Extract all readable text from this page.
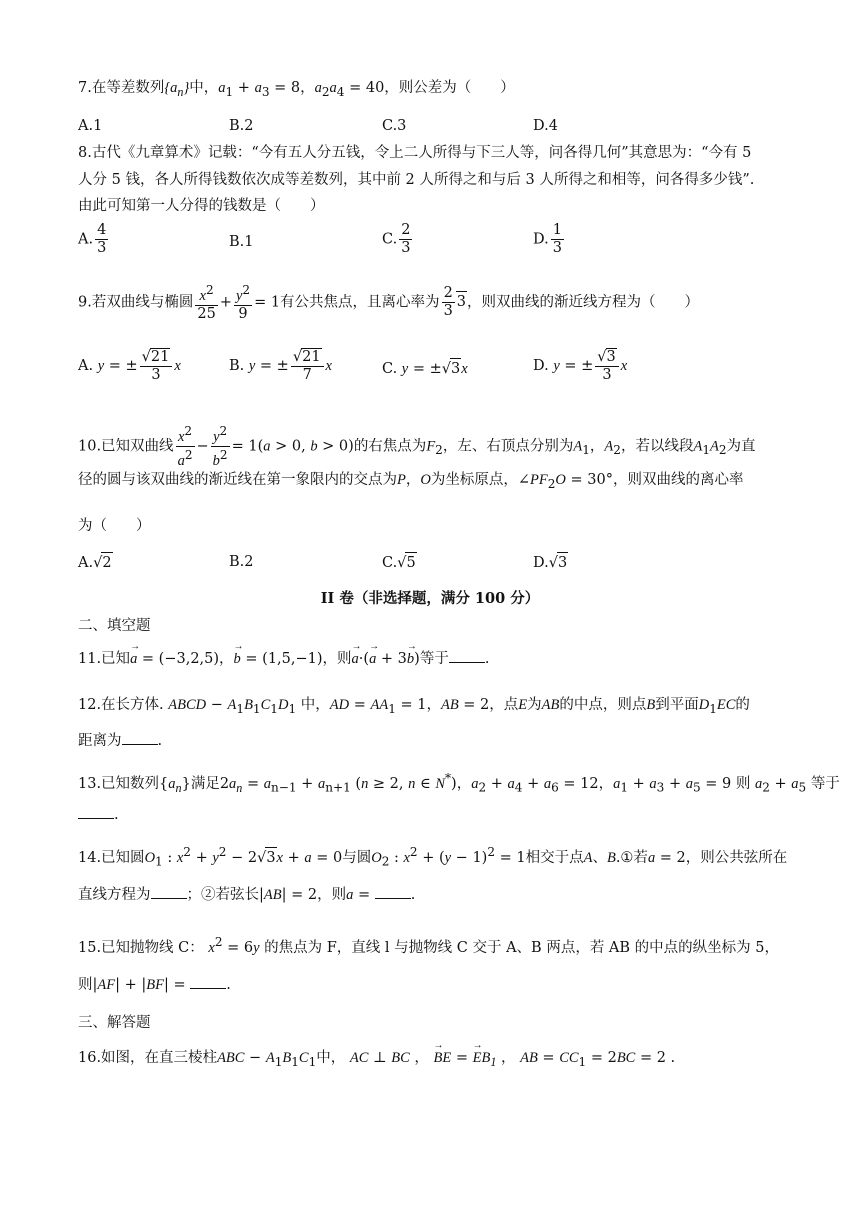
7.在等差数列$\{a_n\}$中，$a_1 + a_3 = 8$，$a_2a_4 = 40$，则公差为（　　）
A.1	B.2	C.3	D.4
8.古代《九章算术》记载：“今有五人分五钱，令上二人所得与下三人等，问各得几何”其意思为：“今有 5
人分 5 钱，各人所得钱数依次成等差数列，其中前 2 人所得之和与后 3 人所得之和相等，问各得多少钱”.
由此可知第一人分得的钱数是（　　）
A. $\frac{4}{3}$	B.1	C. $\frac{2}{3}$	D. $\frac{1}{3}$
9.若双曲线与椭圆 $\frac{x^2}{25} + \frac{y^2}{9} = 1$有公共焦点，且离心率为 $\frac{2}{3} 3$，则双曲线的渐近线方程为（　　）
A. y = ± $\frac{√21}{3}$ x	B. y = ± $\frac{√21}{7}$ x	C. y = ±√3x	D. y = ± $\frac{√3}{3}$ x
10.已知双曲线 $\frac{x^2}{a^2} - \frac{y^2}{b^2} = 1(a > 0$, b > 0)的右焦点为$F_2$，左、右顶点分别为$A_1$，$A_2$，若以线段$A_1A_2$为直
径的圆与该双曲线的渐近线在第一象限内的交点为P，O为坐标原点，$\angle PF_2O = 30^\circ$，则双曲线的离心率
为（　　）
A.√2	B.2	C.√5	D.√3
II 卷（非选择题，满分 100 分）
二、填空题
11.已知→ a = (−3,2,5)，→ b = (1,5,−1)，则→ a·(→ a + 3→ b)等于 .
12.在长方体. ABCD − $A_1B_1C_1D_1$ 中，AD = $AA_1 = 1$，AB = 2，点E为AB的中点，则点B到平面$D_1EC$的
距离为 .
13.已知数列$\{a_n\}$满足$2a_n = a_{n-1} + a_{n+1}$ (n ≥ 2, n ∈ N*)，$a_2 + a_4 + a_6 = 12$，$a_1 + a_3 + a_5 = 9$ 则 $a_2 + a_5$ 等于
.
14.已知圆$O_1$ : $x^2 + y^2 - 2√3x + a = 0$与圆$O_2$ : $x^2 + (y - 1)^2 = 1$相交于点A、B.①若a = 2，则公共弦所在
直线方程为 ；②若弦长|AB| = 2，则a = .
15.已知抛物线 C： $x^2 = 6y$ 的焦点为 F，直线 l 与抛物线 C 交于 A、B 两点，若 AB 的中点的纵坐标为 5，
则|AF| + |BF| = .
三、解答题
16.如图，在直三棱柱ABC − $A_1B_1C_1$中， AC ⊥ BC ， → BE = → $EB_1$ ， AB = $CC_1 = 2BC = 2$ .
